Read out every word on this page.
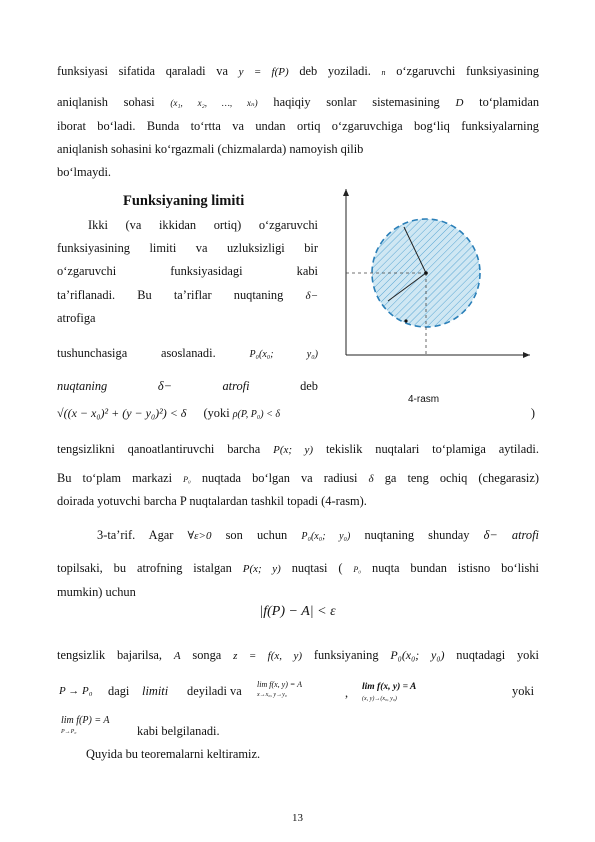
funksiyasi sifatida qaraladi va y = f(P) deb yoziladi. n o‘zgaruvchi funksiyasining
aniqlanish sohasi (x₁, x₂, …, xₙ) haqiqiy sonlar sistemasining D to‘plamidan
iborat bo‘ladi. Bunda to‘rtta va undan ortiq o‘zgaruvchiga bog‘liq funksiyalarning
aniqlanish sohasini ko‘rgazmali (chizmalarda) namoyish qilib
bo‘lmaydi.
Funksiyaning limiti
Ikki (va ikkidan ortiq) o‘zgaruvchi
funksiyasining limiti va uzluksizligi bir
o‘zgaruvchi funksiyasidagi kabi
ta’riflanadi. Bu ta’riflar nuqtaning δ−
atrofiga
tushunchasiga asoslanadi.	P₀(x₀; y₀)
nuqtaning	δ− atrofi	deb
√((x − x₀)² + (y − y₀)²) < δ (yoki ρ(P, P₀) < δ	)
4-rasm
tengsizlikni qanoatlantiruvchi barcha P(x; y) tekislik nuqtalari to‘plamiga aytiladi.
Bu to‘plam markazi P₀ nuqtada bo‘lgan va radiusi δ ga teng ochiq (chegarasiz)
doirada yotuvchi barcha P nuqtalardan tashkil topadi (4-rasm).
3-ta’rif. Agar ∀ε>0 son uchun P₀(x₀; y₀) nuqtaning shunday δ− atrofi
topilsaki, bu atrofning istalgan P(x; y) nuqtasi ( P₀ nuqta bundan istisno bo‘lishi
mumkin) uchun
|f(P) − A| < ε
tengsizlik bajarilsa, A songa z = f(x, y) funksiyaning P₀(x₀; y₀) nuqtadagi yoki
P → P₀ dagi limiti deyiladi va lim f(x, y) = A
x→x₀, y→y₀	, lim f(x, y) = A
(x, y)→(x₀, y₀)
yoki
lim f(P) = A
P→P₀	kabi belgilanadi.
Quyida bu teoremalarni keltiramiz.
13
